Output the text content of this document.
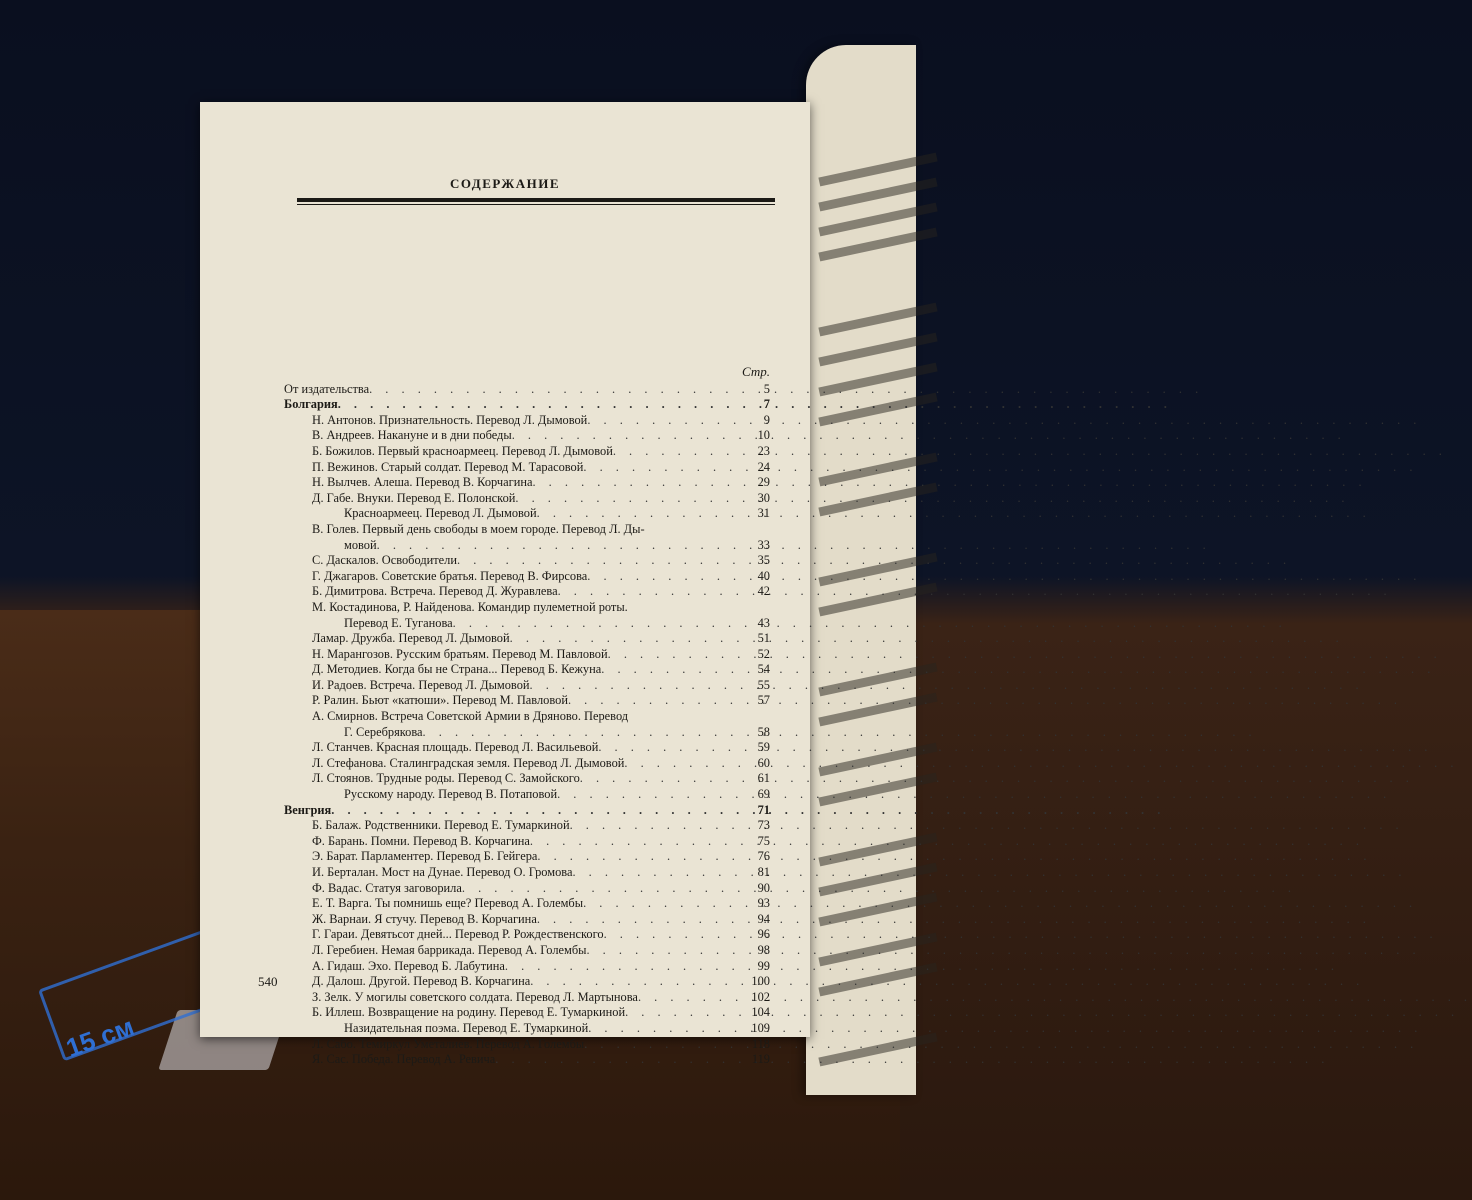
15 см
СОДЕРЖАНИЕ
Стр.
От издательства . . .	5
Болгария . . .	7
Н. Антонов. Признательность. Перевод Л. Дымовой . . .	9
В. Андреев. Накануне и в дни победы . . .	10
Б. Божилов. Первый красноармеец. Перевод Л. Дымовой . . .	23
П. Вежинов. Старый солдат. Перевод М. Тарасовой . . .	24
Н. Вылчев. Алеша. Перевод В. Корчагина . . .	29
Д. Габе. Внуки. Перевод Е. Полонской . . .	30
Красноармеец. Перевод Л. Дымовой . . .	31
В. Голев. Первый день свободы в моем городе. Перевод Л. Ды-
мовой . . .	33
С. Даскалов. Освободители . . .	35
Г. Джагаров. Советские братья. Перевод В. Фирсова . . .	40
Б. Димитрова. Встреча. Перевод Д. Журавлева . . .	42
М. Костадинова, Р. Найденова. Командир пулеметной роты.
Перевод Е. Туганова . . .	43
Ламар. Дружба. Перевод Л. Дымовой . . .	51
Н. Марангозов. Русским братьям. Перевод М. Павловой . . .	52
Д. Методиев. Когда бы не Страна... Перевод Б. Кежуна . . .	54
И. Радоев. Встреча. Перевод Л. Дымовой . . .	55
Р. Ралин. Бьют «катюши». Перевод М. Павловой . . .	57
А. Смирнов. Встреча Советской Армии в Дряново. Перевод
Г. Серебрякова . . .	58
Л. Станчев. Красная площадь. Перевод Л. Васильевой . . .	59
Л. Стефанова. Сталинградская земля. Перевод Л. Дымовой . . .	60
Л. Стоянов. Трудные роды. Перевод С. Замойского . . .	61
Русскому народу. Перевод В. Потаповой . . .	69
Венгрия . . .	71
Б. Балаж. Родственники. Перевод Е. Тумаркиной . . .	73
Ф. Барань. Помни. Перевод В. Корчагина . . .	75
Э. Барат. Парламентер. Перевод Б. Гейгера . . .	76
И. Берталан. Мост на Дунае. Перевод О. Громова . . .	81
Ф. Вадас. Статуя заговорила . . .	90
Е. Т. Варга. Ты помнишь еще? Перевод А. Голембы . . .	93
Ж. Варнаи. Я стучу. Перевод В. Корчагина . . .	94
Г. Гараи. Девятьсот дней... Перевод Р. Рождественского . . .	96
Л. Геребиен. Немая баррикада. Перевод А. Голембы . . .	98
А. Гидаш. Эхо. Перевод Б. Лабутина . . .	99
Д. Далош. Другой. Перевод В. Корчагина . . .	100
З. Зелк. У могилы советского солдата. Перевод Л. Мартынова . . .	102
Б. Иллеш. Возвращение на родину. Перевод Е. Тумаркиной . . .	104
Назидательная поэма. Перевод Е. Тумаркиной . . .	109
Л. Сабо. Темиркул Уметалиев. Перевод А. Голембы . . .	118
Я. Сас. Победа. Перевод А. Ревича . . .	119
540
